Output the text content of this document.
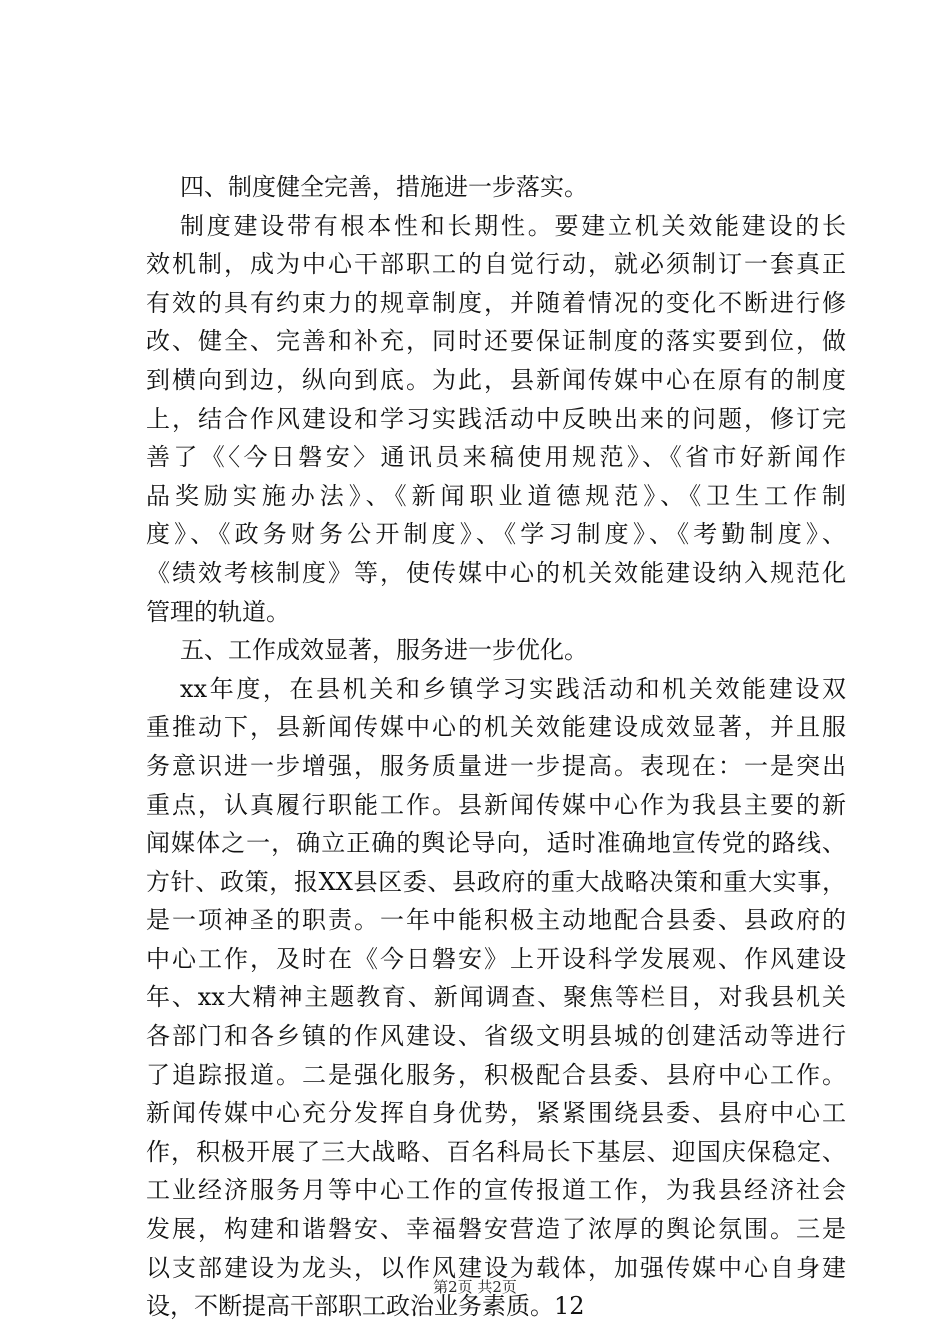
四、制度健全完善，措施进一步落实。
制度建设带有根本性和长期性。要建立机关效能建设的长
效机制，成为中心干部职工的自觉行动，就必须制订一套真正
有效的具有约束力的规章制度，并随着情况的变化不断进行修
改、健全、完善和补充，同时还要保证制度的落实要到位，做
到横向到边，纵向到底。为此，县新闻传媒中心在原有的制度
上，结合作风建设和学习实践活动中反映出来的问题，修订完
善了《〈今日磐安〉通讯员来稿使用规范》、《省市好新闻作
品奖励实施办法》、《新闻职业道德规范》、《卫生工作制
度》、《政务财务公开制度》、《学习制度》、《考勤制度》、
《绩效考核制度》等，使传媒中心的机关效能建设纳入规范化
管理的轨道。
五、工作成效显著，服务进一步优化。
xx年度，在县机关和乡镇学习实践活动和机关效能建设双
重推动下，县新闻传媒中心的机关效能建设成效显著，并且服
务意识进一步增强，服务质量进一步提高。表现在：一是突出
重点，认真履行职能工作。县新闻传媒中心作为我县主要的新
闻媒体之一，确立正确的舆论导向，适时准确地宣传党的路线、
方针、政策，报XX县区委、县政府的重大战略决策和重大实事，
是一项神圣的职责。一年中能积极主动地配合县委、县政府的
中心工作，及时在《今日磐安》上开设科学发展观、作风建设
年、xx大精神主题教育、新闻调查、聚焦等栏目，对我县机关
各部门和各乡镇的作风建设、省级文明县城的创建活动等进行
了追踪报道。二是强化服务，积极配合县委、县府中心工作。
新闻传媒中心充分发挥自身优势，紧紧围绕县委、县府中心工
作，积极开展了三大战略、百名科局长下基层、迎国庆保稳定、
工业经济服务月等中心工作的宣传报道工作，为我县经济社会
发展，构建和谐磐安、幸福磐安营造了浓厚的舆论氛围。三是
以支部建设为龙头，以作风建设为载体，加强传媒中心自身建
设，不断提高干部职工政治业务素质。12
第2页 共2页
